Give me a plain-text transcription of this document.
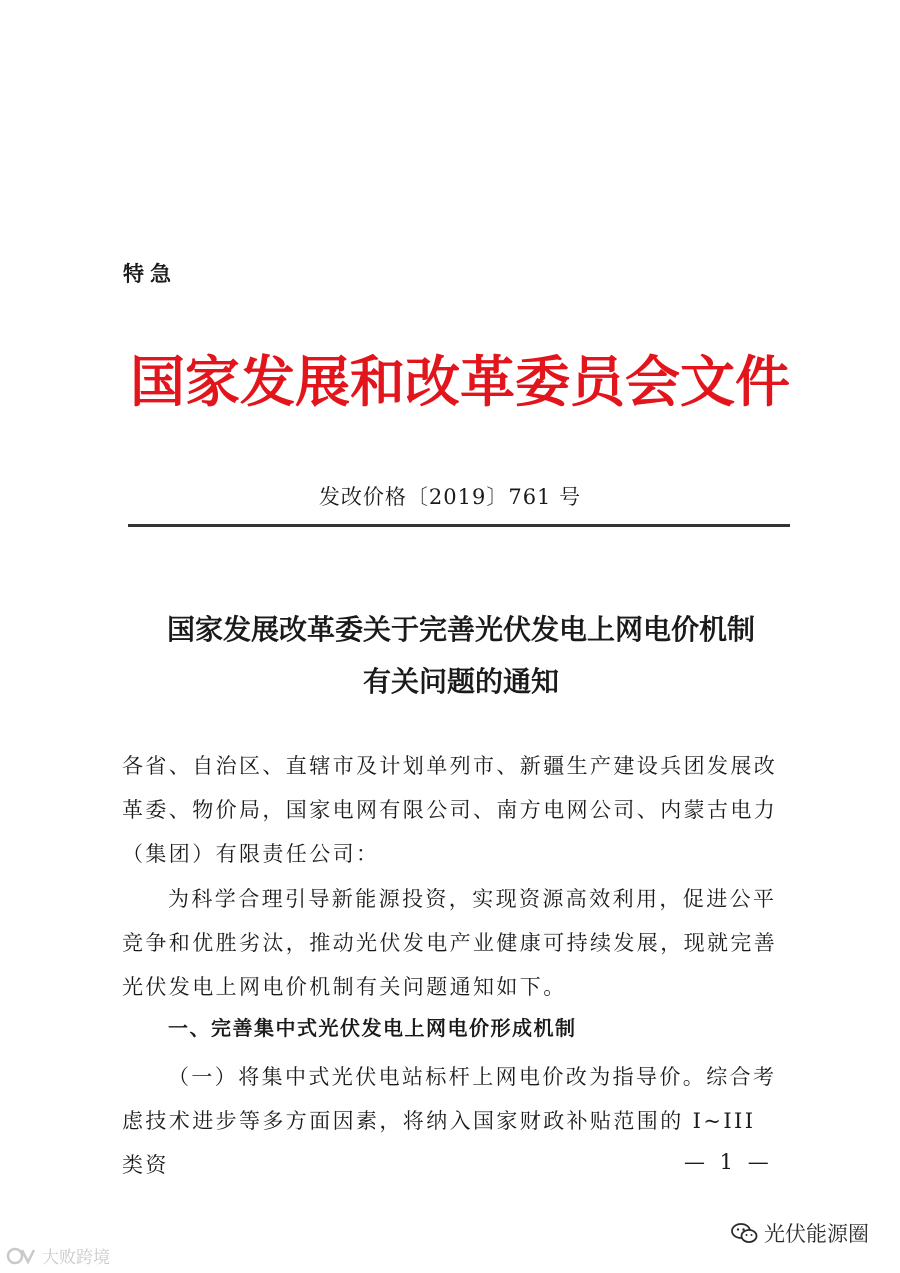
特急
国家发展和改革委员会文件
发改价格〔2019〕761 号
国家发展改革委关于完善光伏发电上网电价机制
有关问题的通知
各省、自治区、直辖市及计划单列市、新疆生产建设兵团发展改革委、物价局，国家电网有限公司、南方电网公司、内蒙古电力（集团）有限责任公司：
为科学合理引导新能源投资，实现资源高效利用，促进公平竞争和优胜劣汰，推动光伏发电产业健康可持续发展，现就完善光伏发电上网电价机制有关问题通知如下。
一、完善集中式光伏发电上网电价形成机制
（一）将集中式光伏电站标杆上网电价改为指导价。综合考虑技术进步等多方面因素，将纳入国家财政补贴范围的 I~III 类资	— 1 —
大败跨境
光伏能源圈
